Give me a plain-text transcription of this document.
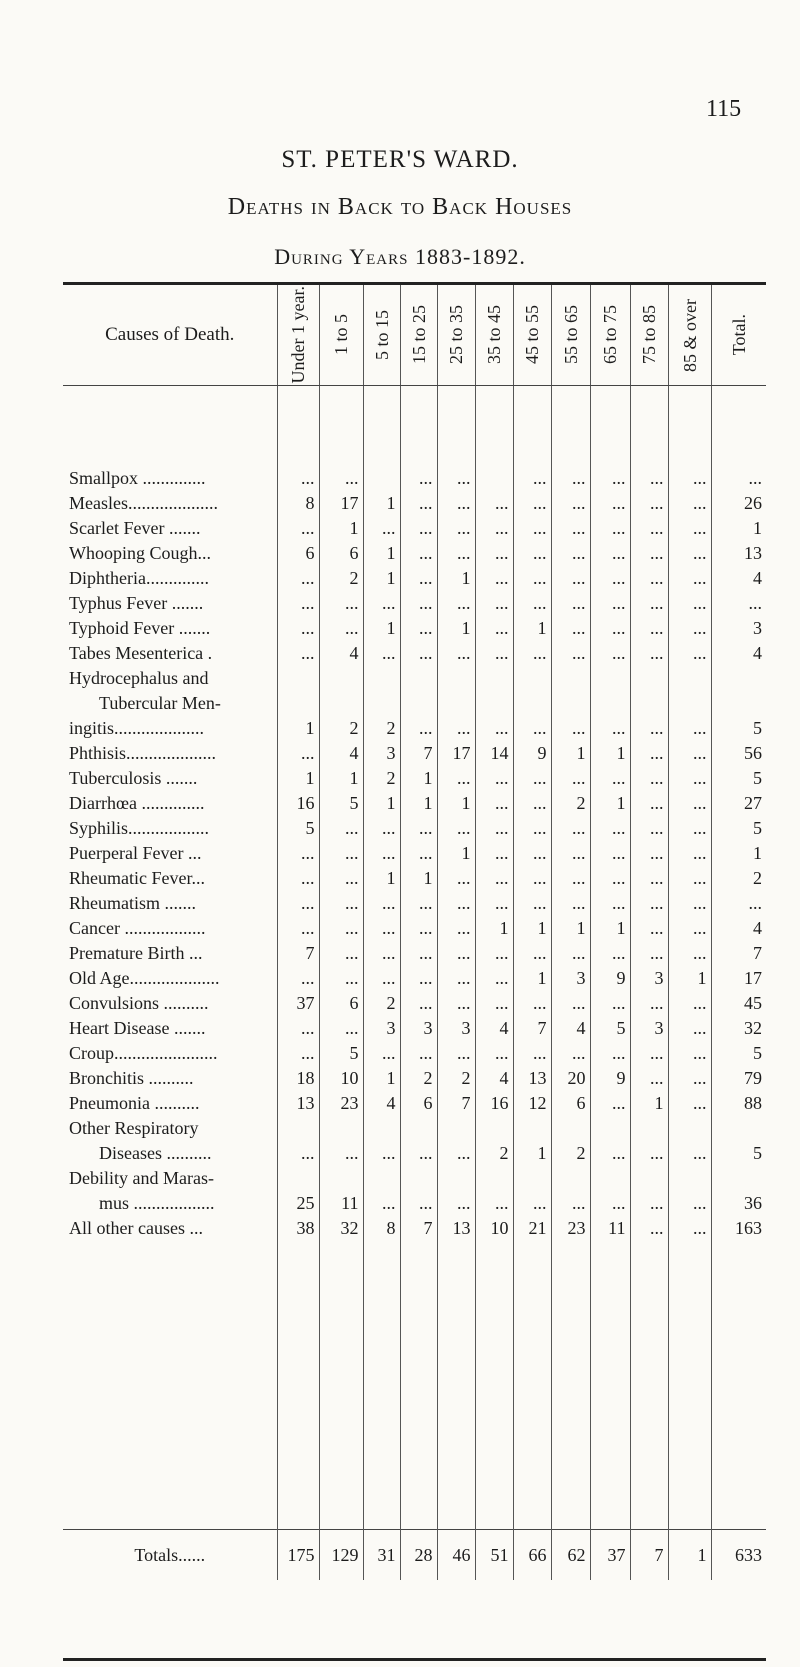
115
ST. PETER'S WARD.
Deaths in Back to Back Houses
During Years 1883-1892.
Causes of Death.	Under 1 year.	1 to 5	5 to 15	15 to 25	25 to 35	35 to 45	45 to 55	55 to 65	65 to 75	75 to 85	85 & over	Total.

Smallpox ..............	...	...		...	...		...	...	...	...	...	...
Measles....................	8	17	1	...	...	...	...	...	...	...	...	26
Scarlet Fever .......	...	1	...	...	...	...	...	...	...	...	...	1
Whooping Cough...	6	6	1	...	...	...	...	...	...	...	...	13
Diphtheria..............	...	2	1	...	1	...	...	...	...	...	...	4
Typhus Fever .......	...	...	...	...	...	...	...	...	...	...	...	...
Typhoid Fever .......	...	...	1	...	1	...	1	...	...	...	...	3
Tabes Mesenterica .	...	4	...	...	...	...	...	...	...	...	...	4
Hydrocephalus and												
Tubercular Men-												
ingitis....................	1	2	2	...	...	...	...	...	...	...	...	5
Phthisis....................	...	4	3	7	17	14	9	1	1	...	...	56
Tuberculosis .......	1	1	2	1	...	...	...	...	...	...	...	5
Diarrhœa ..............	16	5	1	1	1	...	...	2	1	...	...	27
Syphilis..................	5	...	...	...	...	...	...	...	...	...	...	5
Puerperal Fever ...	...	...	...	...	1	...	...	...	...	...	...	1
Rheumatic Fever...	...	...	1	1	...	...	...	...	...	...	...	2
Rheumatism .......	...	...	...	...	...	...	...	...	...	...	...	...
Cancer ..................	...	...	...	...	...	1	1	1	1	...	...	4
Premature Birth ...	7	...	...	...	...	...	...	...	...	...	...	7
Old Age....................	...	...	...	...	...	...	1	3	9	3	1	17
Convulsions ..........	37	6	2	...	...	...	...	...	...	...	...	45
Heart Disease .......	...	...	3	3	3	4	7	4	5	3	...	32
Croup.......................	...	5	...	...	...	...	...	...	...	...	...	5
Bronchitis ..........	18	10	1	2	2	4	13	20	9	...	...	79
Pneumonia ..........	13	23	4	6	7	16	12	6	...	1	...	88
Other Respiratory												
Diseases ..........	...	...	...	...	...	2	1	2	...	...	...	5
Debility and Maras-												
mus ..................	25	11	...	...	...	...	...	...	...	...	...	36
All other causes ...	38	32	8	7	13	10	21	23	11	...	...	163

Totals......	175	129	31	28	46	51	66	62	37	7	1	633
